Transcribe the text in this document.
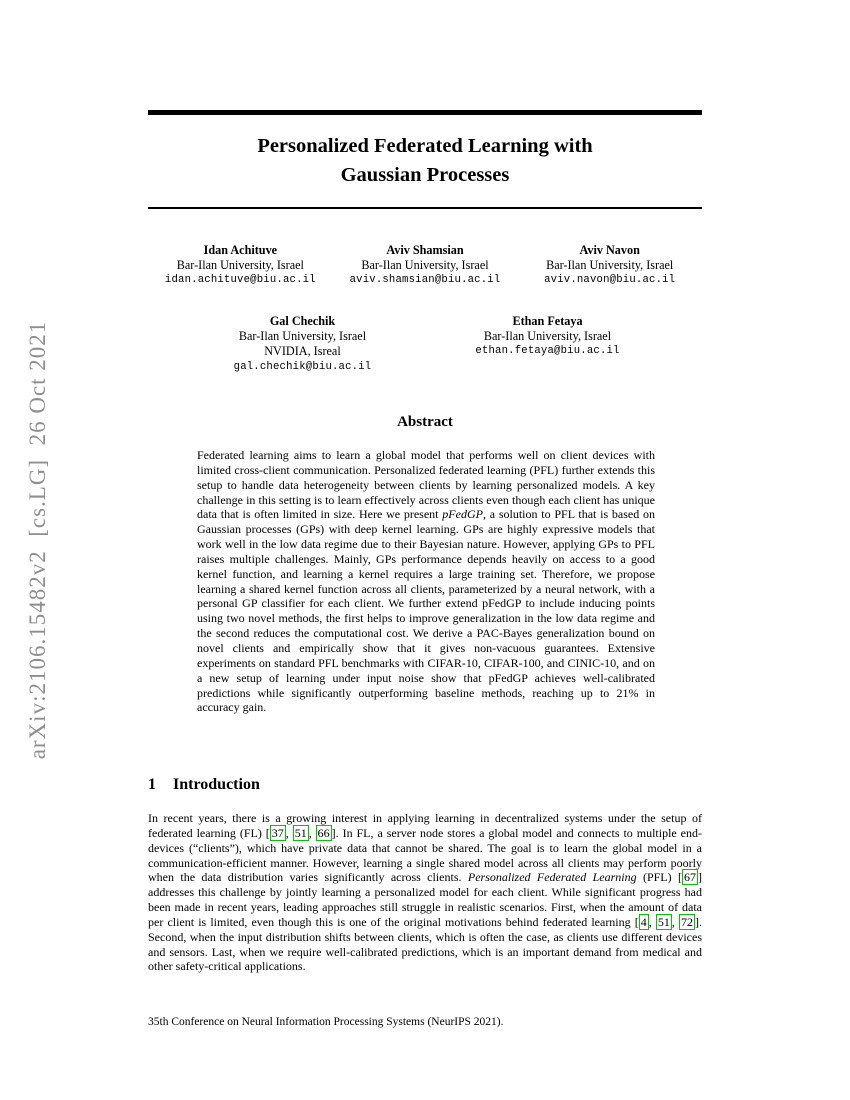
arXiv:2106.15482v2  [cs.LG]  26 Oct 2021
Personalized Federated Learning with
Gaussian Processes
Idan Achituve
Bar-Ilan University, Israel
idan.achituve@biu.ac.il
Aviv Shamsian
Bar-Ilan University, Israel
aviv.shamsian@biu.ac.il
Aviv Navon
Bar-Ilan University, Israel
aviv.navon@biu.ac.il
Gal Chechik
Bar-Ilan University, Israel
NVIDIA, Isreal
gal.chechik@biu.ac.il
Ethan Fetaya
Bar-Ilan University, Israel
ethan.fetaya@biu.ac.il
Abstract

Federated learning aims to learn a global model that performs well on client devices with limited cross-client communication. Personalized federated learning (PFL) further extends this setup to handle data heterogeneity between clients by learning personalized models. A key challenge in this setting is to learn effectively across clients even though each client has unique data that is often limited in size. Here we present pFedGP, a solution to PFL that is based on Gaussian processes (GPs) with deep kernel learning. GPs are highly expressive models that work well in the low data regime due to their Bayesian nature. However, applying GPs to PFL raises multiple challenges. Mainly, GPs performance depends heavily on access to a good kernel function, and learning a kernel requires a large training set. Therefore, we propose learning a shared kernel function across all clients, parameterized by a neural network, with a personal GP classifier for each client. We further extend pFedGP to include inducing points using two novel methods, the first helps to improve generalization in the low data regime and the second reduces the computational cost. We derive a PAC-Bayes generalization bound on novel clients and empirically show that it gives non-vacuous guarantees. Extensive experiments on standard PFL benchmarks with CIFAR-10, CIFAR-100, and CINIC-10, and on a new setup of learning under input noise show that pFedGP achieves well-calibrated predictions while significantly outperforming baseline methods, reaching up to 21% in accuracy gain.

1 Introduction

In recent years, there is a growing interest in applying learning in decentralized systems under the setup of federated learning (FL) [ 37 , 51 , 66 ]. In FL, a server node stores a global model and connects to multiple end-devices (“clients”), which have private data that cannot be shared. The goal is to learn the global model in a communication-efficient manner. However, learning a single shared model across all clients may perform poorly when the data distribution varies significantly across clients. Personalized Federated Learning (PFL) [ 67 ] addresses this challenge by jointly learning a personalized model for each client. While significant progress had been made in recent years, leading approaches still struggle in realistic scenarios. First, when the amount of data per client is limited, even though this is one of the original motivations behind federated learning [ 4 , 51 , 72 ]. Second, when the input distribution shifts between clients, which is often the case, as clients use different devices and sensors. Last, when we require well-calibrated predictions, which is an important demand from medical and other safety-critical applications.

35th Conference on Neural Information Processing Systems (NeurIPS 2021).
